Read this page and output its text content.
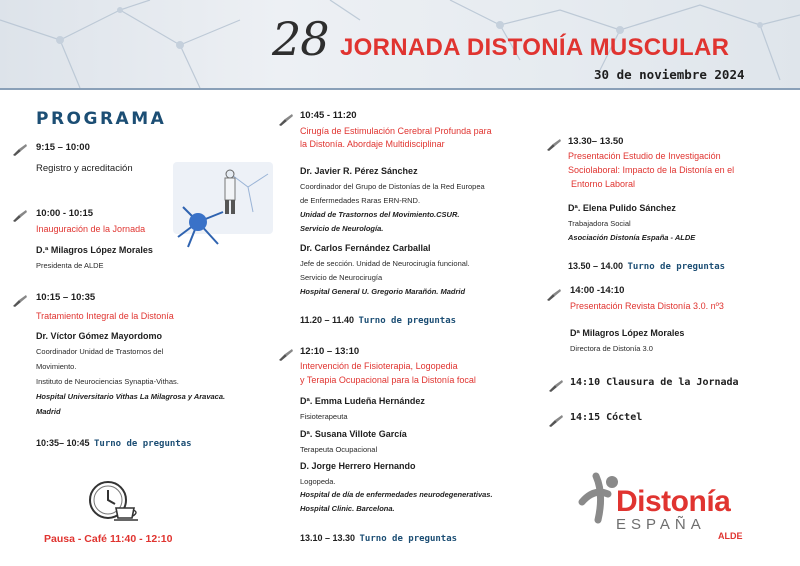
28 JORNADA DISTONÍA MUSCULAR
30 de noviembre 2024
PROGRAMA
9:15 – 10:00
Registro y acreditación
10:00 - 10:15
Inauguración de la Jornada
D.ª Milagros López Morales
Presidenta de ALDE
10:15 – 10:35
Tratamiento Integral de la Distonía
Dr. Víctor Gómez Mayordomo
Coordinador Unidad de Trastornos del
Movimiento.
Instituto de Neurociencias Synaptia-Vithas.
Hospital Universitario Vithas La Milagrosa y Aravaca.
Madrid
10:35– 10:45 Turno de preguntas
Pausa - Café 11:40 - 12:10
10:45 - 11:20
Cirugía de Estimulación Cerebral Profunda para
la Distonía. Abordaje Multidisciplinar
Dr. Javier R. Pérez Sánchez
Coordinador del Grupo de Distonías de la Red Europea
de Enfermedades Raras ERN-RND.
Unidad de Trastornos del Movimiento.CSUR.
Servicio de Neurología.
Dr. Carlos Fernández Carballal
Jefe de sección. Unidad de Neurocirugía funcional.
Servicio de Neurocirugía
Hospital General U. Gregorio Marañón. Madrid
11.20 – 11.40 Turno de preguntas
12:10 – 13:10
Intervención de Fisioterapia, Logopedia
y Terapia Ocupacional para la Distonía focal
Dª. Emma Ludeña Hernández
Fisioterapeuta
Dª. Susana Villote García
Terapeuta Ocupacional
D. Jorge Herrero Hernando
Logopeda.
Hospital de día de enfermedades neurodegenerativas.
Hospital Clinic. Barcelona.
13.10 – 13.30 Turno de preguntas
13.30– 13.50
Presentación Estudio de Investigación
Sociolaboral: Impacto de la Distonía en el
Entorno Laboral
Dª. Elena Pulido Sánchez
Trabajadora Social
Asociación Distonía España - ALDE
13.50 – 14.00 Turno de preguntas
14:00 -14:10
Presentación Revista Distonía 3.0. nº3
Dª Milagros López Morales
Directora de Distonía 3.0
14:10 Clausura de la Jornada
14:15 Cóctel
Distonía
ESPAÑA
ALDE
